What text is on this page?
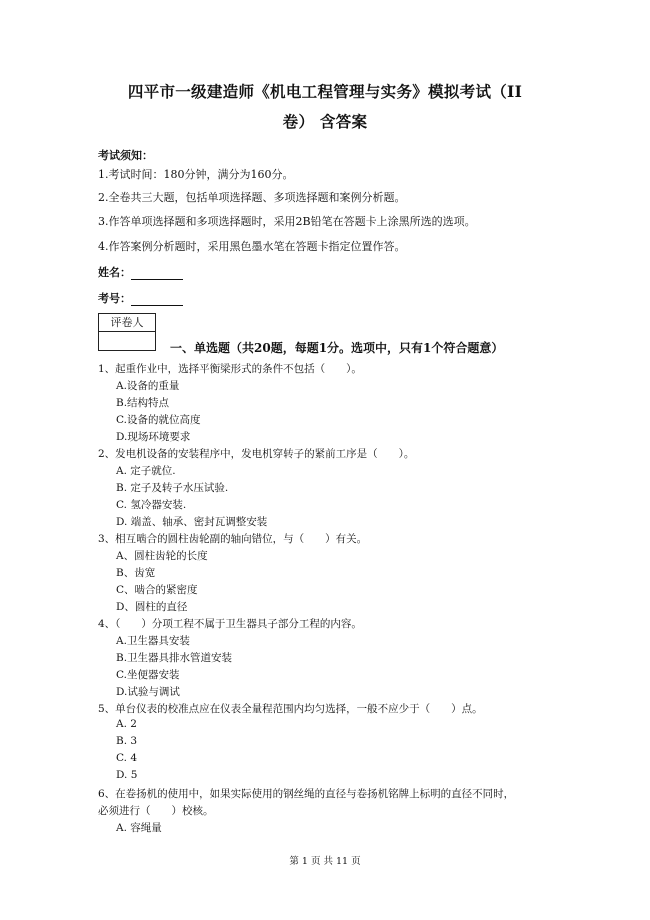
四平市一级建造师《机电工程管理与实务》模拟考试（II
卷） 含答案
考试须知：
1.考试时间：180分钟，满分为160分。
2.全卷共三大题，包括单项选择题、多项选择题和案例分析题。
3.作答单项选择题和多项选择题时，采用2B铅笔在答题卡上涂黑所选的选项。
4.作答案例分析题时，采用黑色墨水笔在答题卡指定位置作答。
姓名：
考号：
评卷人
一、单选题（共20题，每题1分。选项中，只有1个符合题意）
1、起重作业中，选择平衡梁形式的条件不包括（　　）。
A.设备的重量
B.结构特点
C.设备的就位高度
D.现场环境要求
2、发电机设备的安装程序中，发电机穿转子的紧前工序是（　　）。
A. 定子就位.
B. 定子及转子水压试验.
C. 氢冷器安装.
D. 端盖、轴承、密封瓦调整安装
3、相互啮合的圆柱齿轮副的轴向错位，与（　　）有关。
A、圆柱齿轮的长度
B、齿宽
C、啮合的紧密度
D、圆柱的直径
4、（　　）分项工程不属于卫生器具子部分工程的内容。
A.卫生器具安装
B.卫生器具排水管道安装
C.坐便器安装
D.试验与调试
5、单台仪表的校准点应在仪表全量程范围内均匀选择，一般不应少于（　　）点。
A. 2
B. 3
C. 4
D. 5
6、在卷扬机的使用中，如果实际使用的钢丝绳的直径与卷扬机铭牌上标明的直径不同时，
必须进行（　　）校核。
A. 容绳量
第 1 页 共 11 页
